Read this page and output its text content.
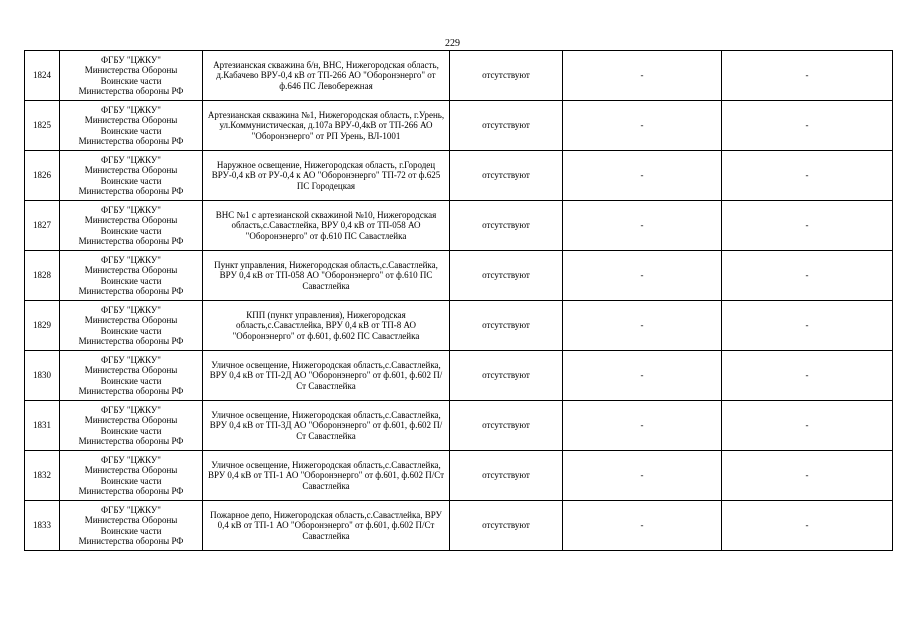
229
1824	ФГБУ "ЦЖКУ"
Министерства Обороны
Воинские части
Министерства обороны РФ	Артезианская скважина б/н, ВНС, Нижегородская область, д.Кабачево ВРУ-0,4 кВ от ТП-266 АО "Оборонэнерго" от ф.646 ПС Левобережная	отсутствуют	-	-
1825	ФГБУ "ЦЖКУ"
Министерства Обороны
Воинские части
Министерства обороны РФ	Артезианская скважина №1, Нижегородская область, г.Урень, ул.Коммунистическая, д.107а ВРУ-0,4кВ от ТП-266 АО "Оборонэнерго" от РП Урень, ВЛ-1001	отсутствуют	-	-
1826	ФГБУ "ЦЖКУ"
Министерства Обороны
Воинские части
Министерства обороны РФ	Наружное освещение, Нижегородская область, г.Городец ВРУ-0,4 кВ от РУ-0,4 к АО "Оборонэнерго" ТП-72 от ф.625 ПС Городецкая	отсутствуют	-	-
1827	ФГБУ "ЦЖКУ"
Министерства Обороны
Воинские части
Министерства обороны РФ	ВНС №1 с артезианской скважиной №10, Нижегородская область,с.Савастлейка, ВРУ 0,4 кВ от ТП-058 АО "Оборонэнерго" от ф.610 ПС Савастлейка	отсутствуют	-	-
1828	ФГБУ "ЦЖКУ"
Министерства Обороны
Воинские части
Министерства обороны РФ	Пункт управления, Нижегородская область,с.Савастлейка, ВРУ 0,4 кВ от ТП-058 АО "Оборонэнерго" от ф.610 ПС Савастлейка	отсутствуют	-	-
1829	ФГБУ "ЦЖКУ"
Министерства Обороны
Воинские части
Министерства обороны РФ	КПП (пункт управления), Нижегородская область,с.Савастлейка, ВРУ 0,4 кВ от ТП-8 АО "Оборонэнерго" от ф.601, ф.602 ПС Савастлейка	отсутствуют	-	-
1830	ФГБУ "ЦЖКУ"
Министерства Обороны
Воинские части
Министерства обороны РФ	Уличное освещение, Нижегородская область,с.Савастлейка, ВРУ 0,4 кВ от ТП-2Д АО "Оборонэнерго" от ф.601, ф.602 П/Ст Савастлейка	отсутствуют	-	-
1831	ФГБУ "ЦЖКУ"
Министерства Обороны
Воинские части
Министерства обороны РФ	Уличное освещение, Нижегородская область,с.Савастлейка, ВРУ 0,4 кВ от ТП-3Д АО "Оборонэнерго" от ф.601, ф.602 П/Ст Савастлейка	отсутствуют	-	-
1832	ФГБУ "ЦЖКУ"
Министерства Обороны
Воинские части
Министерства обороны РФ	Уличное освещение, Нижегородская область,с.Савастлейка, ВРУ 0,4 кВ от ТП-1 АО "Оборонэнерго" от ф.601, ф.602 П/Ст Савастлейка	отсутствуют	-	-
1833	ФГБУ "ЦЖКУ"
Министерства Обороны
Воинские части
Министерства обороны РФ	Пожарное депо, Нижегородская область,с.Савастлейка, ВРУ 0,4 кВ от ТП-1 АО "Оборонэнерго" от ф.601, ф.602 П/Ст Савастлейка	отсутствуют	-	-
